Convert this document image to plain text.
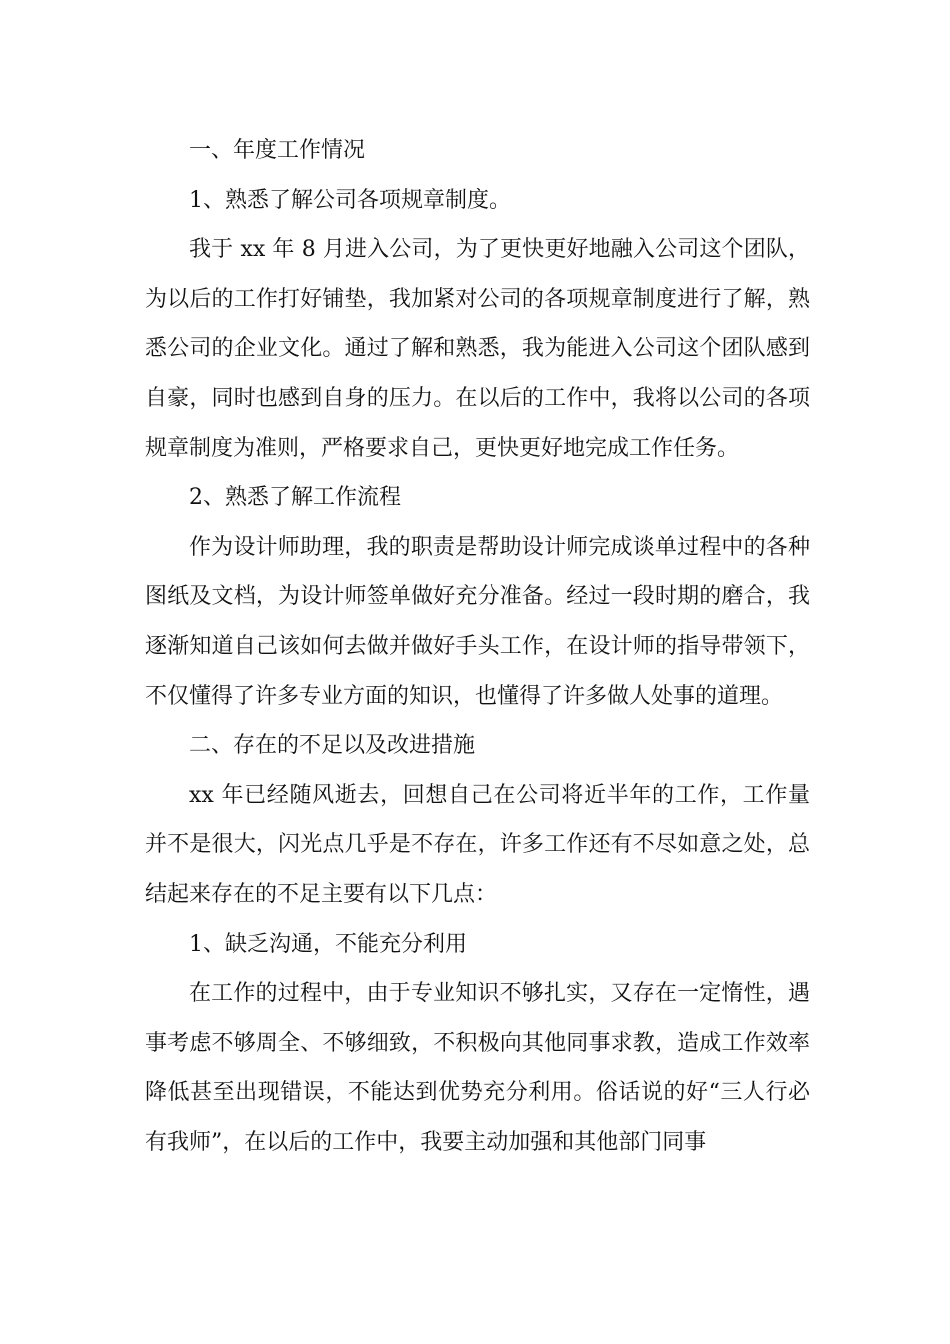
一、年度工作情况

1、熟悉了解公司各项规章制度。

我于 xx 年 8 月进入公司，为了更快更好地融入公司这个团队，为以后的工作打好铺垫，我加紧对公司的各项规章制度进行了解，熟悉公司的企业文化。通过了解和熟悉，我为能进入公司这个团队感到自豪，同时也感到自身的压力。在以后的工作中，我将以公司的各项规章制度为准则，严格要求自己，更快更好地完成工作任务。

2、熟悉了解工作流程

作为设计师助理，我的职责是帮助设计师完成谈单过程中的各种图纸及文档，为设计师签单做好充分准备。经过一段时期的磨合，我逐渐知道自己该如何去做并做好手头工作，在设计师的指导带领下，不仅懂得了许多专业方面的知识，也懂得了许多做人处事的道理。

二、存在的不足以及改进措施

xx 年已经随风逝去，回想自己在公司将近半年的工作，工作量并不是很大，闪光点几乎是不存在，许多工作还有不尽如意之处，总结起来存在的不足主要有以下几点：

1、缺乏沟通，不能充分利用

在工作的过程中，由于专业知识不够扎实，又存在一定惰性，遇事考虑不够周全、不够细致，不积极向其他同事求教，造成工作效率降低甚至出现错误，不能达到优势充分利用。俗话说的好“三人行必有我师”，在以后的工作中，我要主动加强和其他部门同事
